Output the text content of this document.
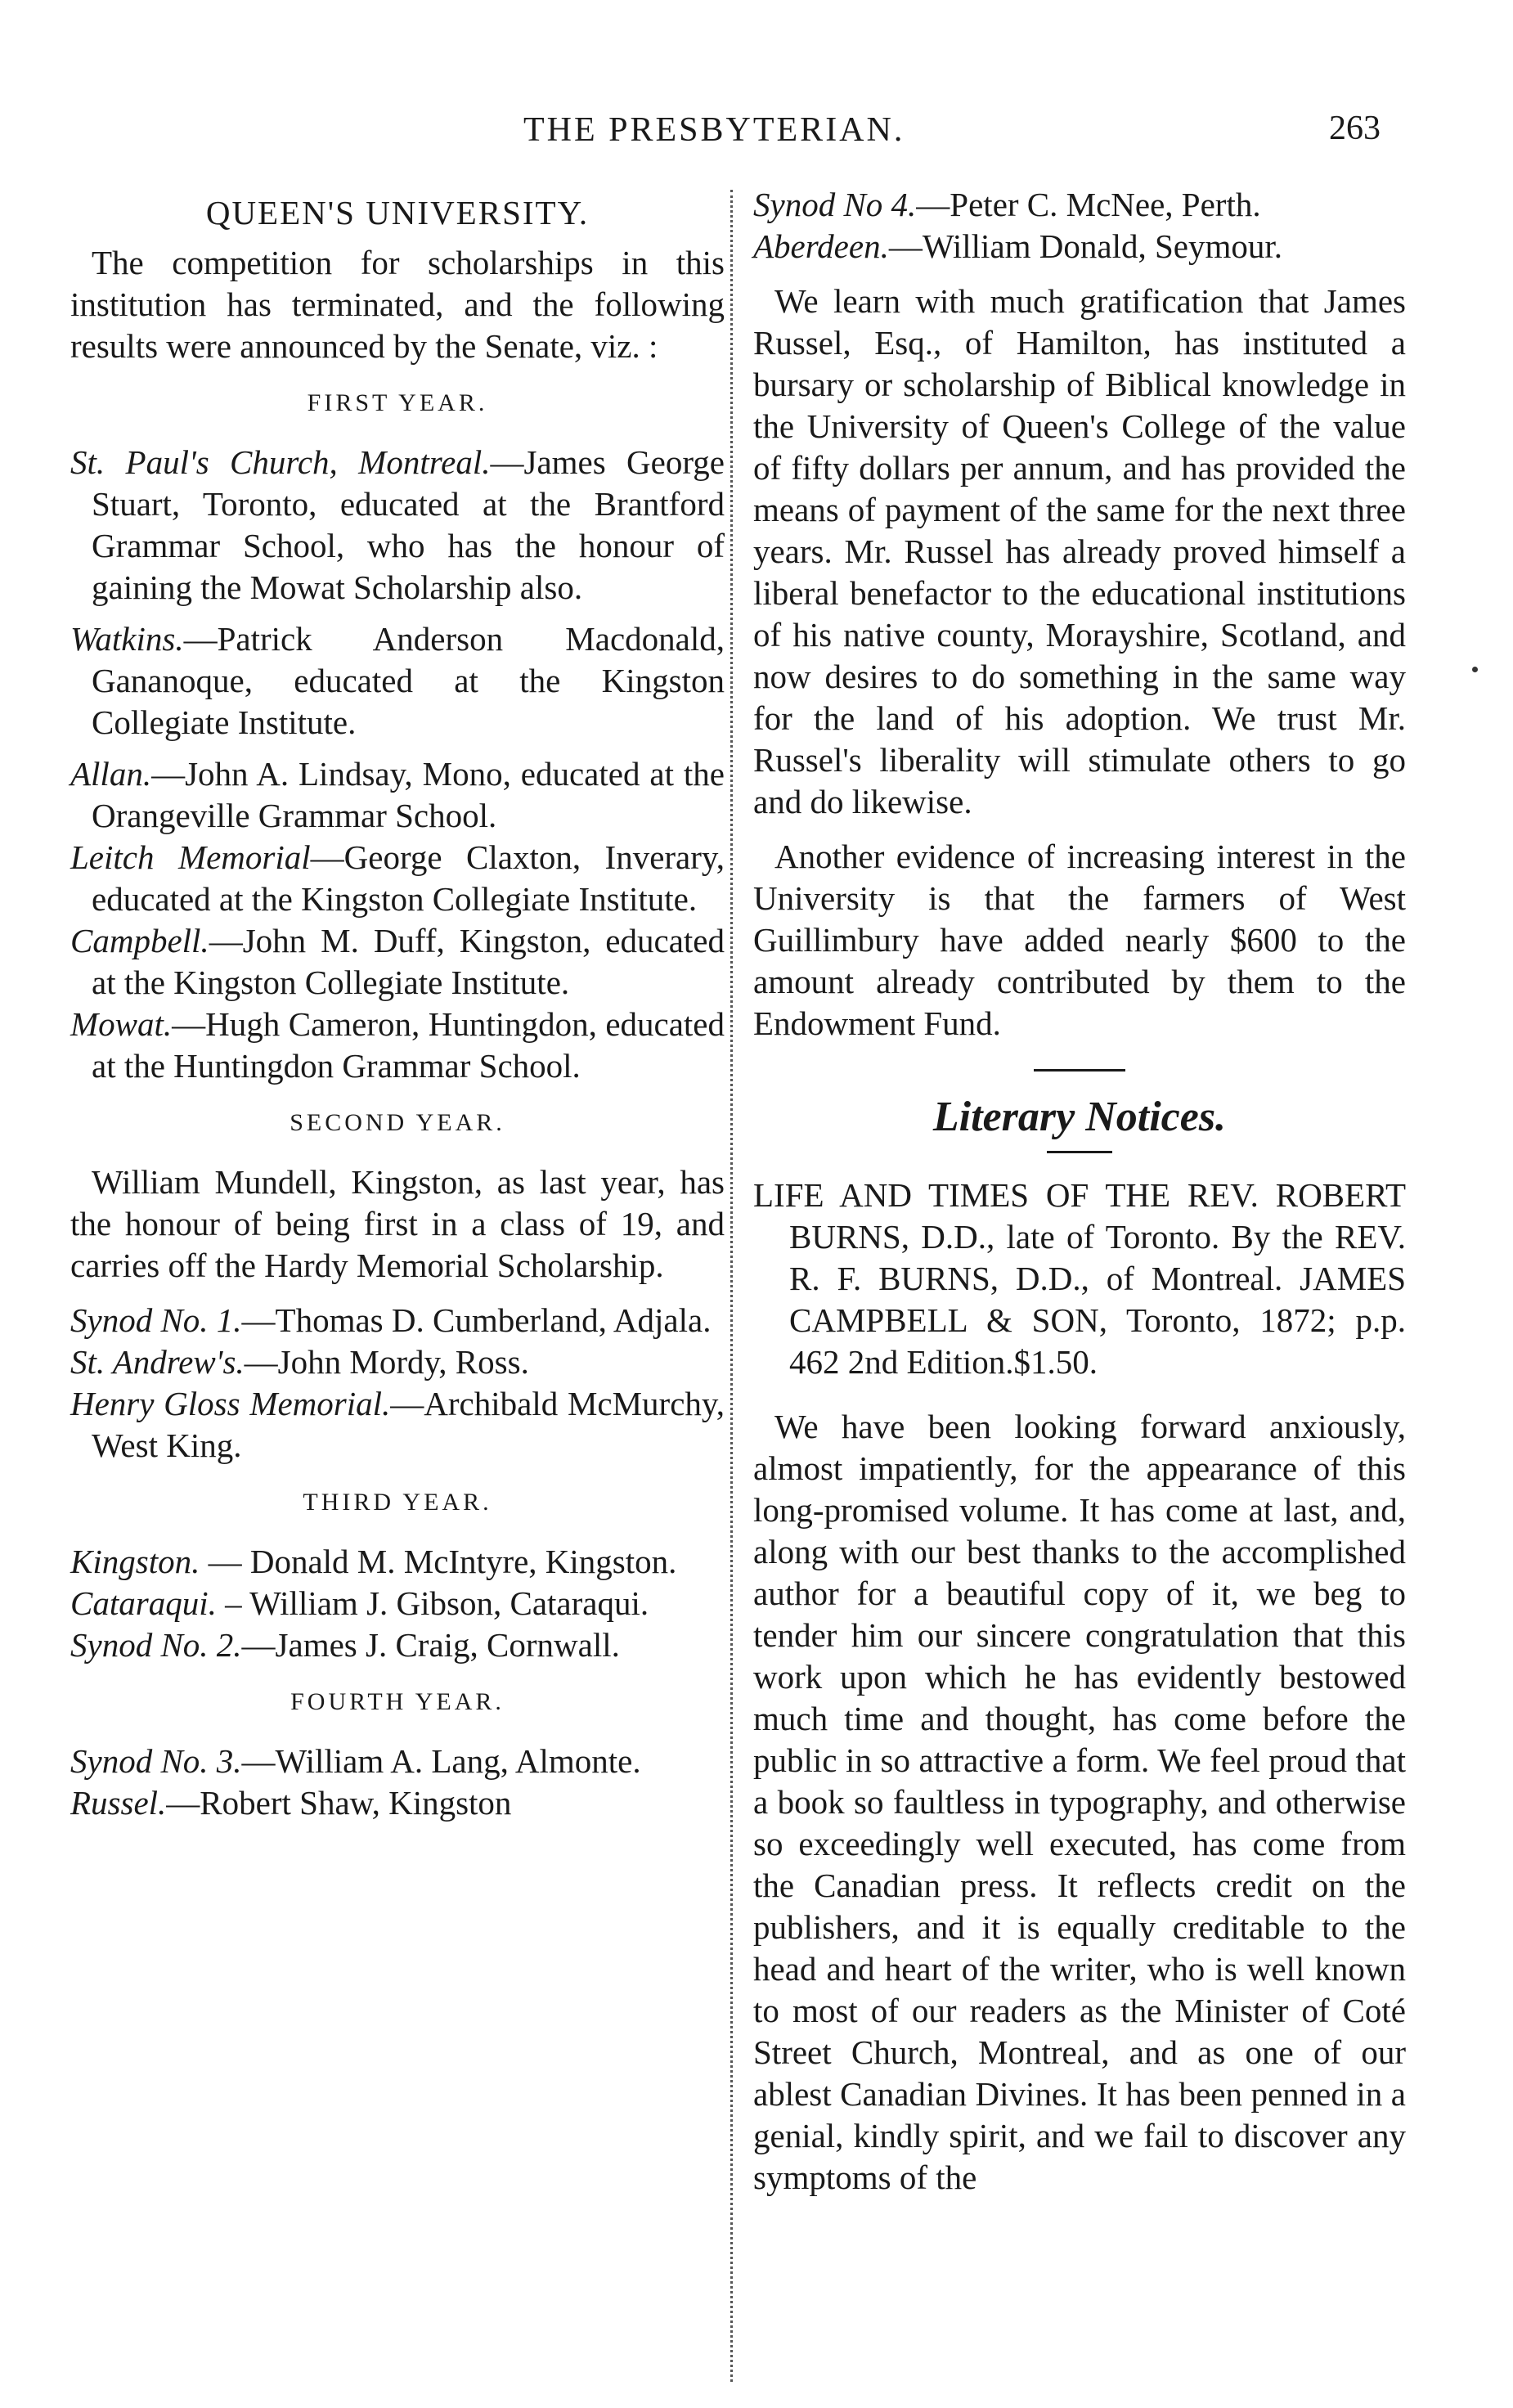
THE PRESBYTERIAN.	263

QUEEN'S UNIVERSITY.

The competition for scholarships in this institution has terminated, and the following results were announced by the Senate, viz. :

FIRST YEAR.

St. Paul's Church, Montreal.—James George Stuart, Toronto, educated at the Brantford Grammar School, who has the honour of gaining the Mowat Scholarship also.

Watkins.—Patrick Anderson Macdonald, Gananoque, educated at the Kingston Collegiate Institute.

Allan.—John A. Lindsay, Mono, educated at the Orangeville Grammar School.

Leitch Memorial—George Claxton, Inverary, educated at the Kingston Collegiate Institute.

Campbell.—John M. Duff, Kingston, educated at the Kingston Collegiate Institute.

Mowat.—Hugh Cameron, Huntingdon, educated at the Huntingdon Grammar School.

SECOND YEAR.

William Mundell, Kingston, as last year, has the honour of being first in a class of 19, and carries off the Hardy Memorial Scholarship.

Synod No. 1.—Thomas D. Cumberland, Adjala.

St. Andrew's.—John Mordy, Ross.

Henry Gloss Memorial.—Archibald McMurchy, West King.

THIRD YEAR.

Kingston. — Donald M. McIntyre, Kingston.

Cataraqui. – William J. Gibson, Cataraqui.

Synod No. 2.—James J. Craig, Cornwall.

FOURTH YEAR.

Synod No. 3.—William A. Lang, Almonte.

Russel.—Robert Shaw, Kingston

Synod No 4.—Peter C. McNee, Perth.

Aberdeen.—William Donald, Seymour.

We learn with much gratification that James Russel, Esq., of Hamilton, has instituted a bursary or scholarship of Biblical knowledge in the University of Queen's College of the value of fifty dollars per annum, and has provided the means of payment of the same for the next three years. Mr. Russel has already proved himself a liberal benefactor to the educational institutions of his native county, Morayshire, Scotland, and now desires to do something in the same way for the land of his adoption. We trust Mr. Russel's liberality will stimulate others to go and do likewise.

Another evidence of increasing interest in the University is that the farmers of West Guillimbury have added nearly $600 to the amount already contributed by them to the Endowment Fund.

Literary Notices.

LIFE AND TIMES OF THE REV. ROBERT BURNS, D.D., late of Toronto. By the REV. R. F. BURNS, D.D., of Montreal. JAMES CAMPBELL & SON, Toronto, 1872; p.p. 462 2nd Edition.$1.50.

We have been looking forward anxiously, almost impatiently, for the appearance of this long-promised volume. It has come at last, and, along with our best thanks to the accomplished author for a beautiful copy of it, we beg to tender him our sincere congratulation that this work upon which he has evidently bestowed much time and thought, has come before the public in so attractive a form. We feel proud that a book so faultless in typography, and otherwise so exceedingly well executed, has come from the Canadian press. It reflects credit on the publishers, and it is equally creditable to the head and heart of the writer, who is well known to most of our readers as the Minister of Coté Street Church, Montreal, and as one of our ablest Canadian Divines. It has been penned in a genial, kindly spirit, and we fail to discover any symptoms of the
